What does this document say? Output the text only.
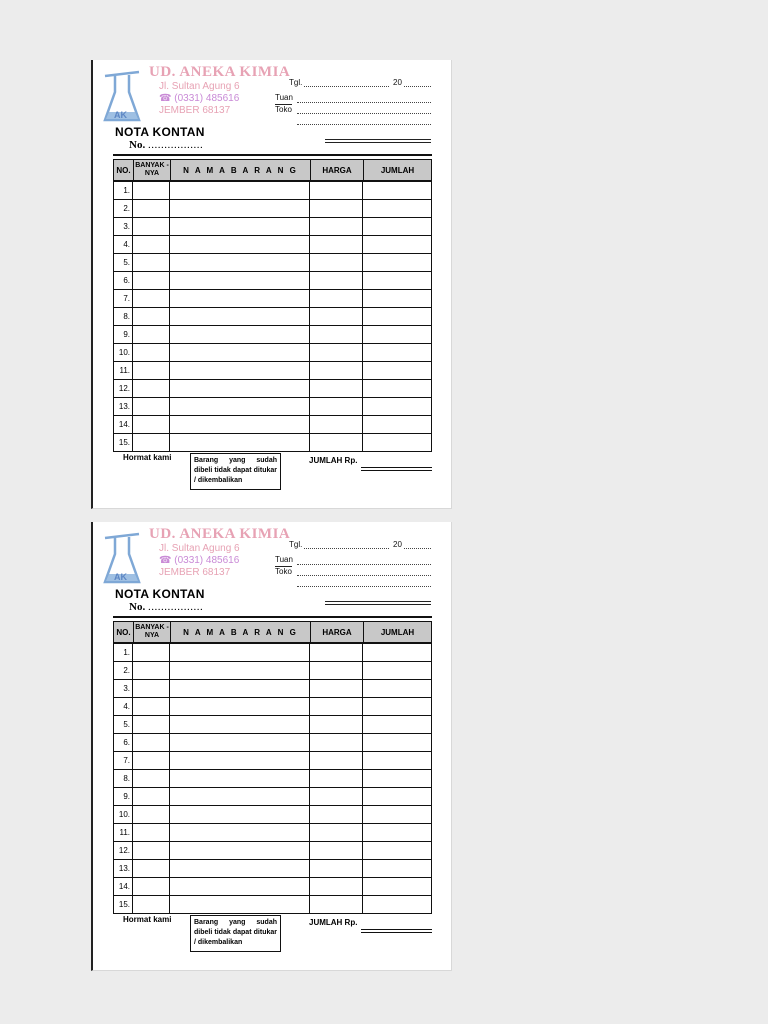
AK
UD. ANEKA KIMIA
Jl. Sultan Agung 6
☎ (0331) 485616
JEMBER 68137
Tgl.	20
Tuan
Toko
NOTA KONTAN
No. .................
NO. BANYAK -NYA	N A M A B A R A N G	HARGA	JUMLAH
1.
2.
3.
4.
5.
6.
7.
8.
9.
10.
11.
12.
13.
14.
15.
Hormat kami	Barang yang sudah dibeli tidak dapat ditukar / dikembalikan
JUMLAH Rp.
AK
UD. ANEKA KIMIA
Jl. Sultan Agung 6
☎ (0331) 485616
JEMBER 68137
Tgl.	20
Tuan
Toko
NOTA KONTAN
No. .................
NO. BANYAK -NYA	N A M A B A R A N G	HARGA	JUMLAH
1.
2.
3.
4.
5.
6.
7.
8.
9.
10.
11.
12.
13.
14.
15.
Hormat kami	Barang yang sudah dibeli tidak dapat ditukar / dikembalikan
JUMLAH Rp.
